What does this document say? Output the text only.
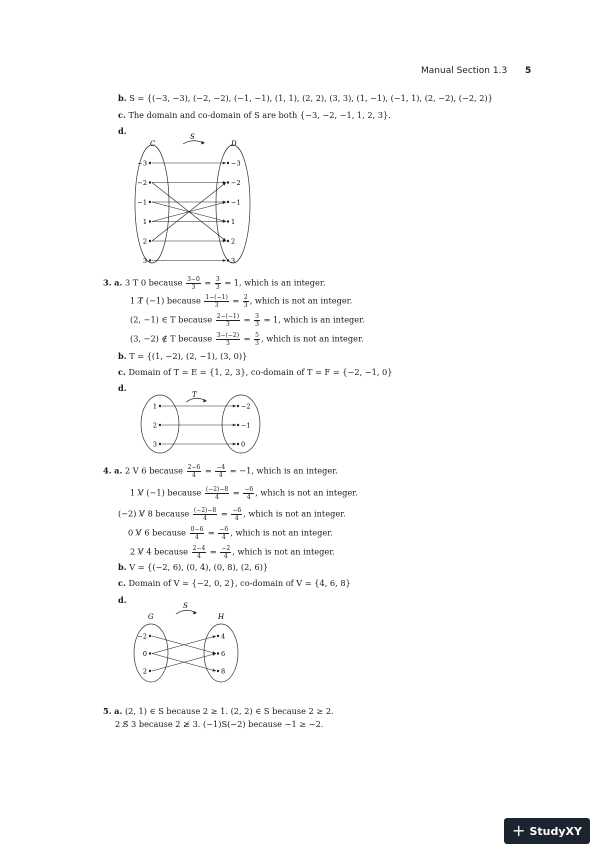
Manual Section 1.3 5
b. S = {(−3, −3), (−2, −2), (−1, −1), (1, 1), (2, 2), (3, 3), (1, −1), (−1, 1), (2, −2), (−2, 2)}
c. The domain and co-domain of S are both {−3, −2, −1, 1, 2, 3}.
d.
C	D
S
−3
−2
−1
1
2
3
−3
−2
−1
1
2
3
3. a. 3 T 0 because $\frac{3-0}{3} = \frac{3}{3} = 1$, which is an integer.
1 T̸ (−1) because $\frac{1-(-1)}{3} = \frac{2}{3}$ , which is not an integer.
(2, −1) ∈ T because $\frac{2-(-1)}{3} = \frac{3}{3} = 1$, which is an integer.
(3, −2) ∉ T because $\frac{3-(-2)}{3} = \frac{5}{3}$ , which is not an integer.
b. T = {(1, −2), (2, −1), (3, 0)}
c. Domain of T = E = {1, 2, 3}, co-domain of T = F = {−2, −1, 0}
d.
T
1
2
3
−2
−1
0
4. a. 2 V 6 because $\frac{2-6}{4} = \frac{-4}{4} = -1$, which is an integer.
1 V̸ (−1) because $\frac{(-2)-8}{4} = \frac{-6}{4}$ , which is not an integer.
(−2) V̸ 8 because $\frac{(-2)-8}{4} = \frac{-6}{4}$ , which is not an integer.
0 V̸ 6 because $\frac{0-6}{4} = \frac{-6}{4}$ , which is not an integer.
2 V̸ 4 because $\frac{2-4}{4} = \frac{-2}{4}$ , which is not an integer.
b. V = {(−2, 6), (0, 4), (0, 8), (2, 6)}
c. Domain of V = {−2, 0, 2}, co-domain of V = {4, 6, 8}
d.
G	H
S
−2
0
2
4
6
8
5. a. (2, 1) ∈ S because 2 ≥ 1. (2, 2) ∈ S because 2 ≥ 2.
2 S̸ 3 because 2 ≱ 3. (−1)S(−2) because −1 ≥ −2.
+ StudyXY
